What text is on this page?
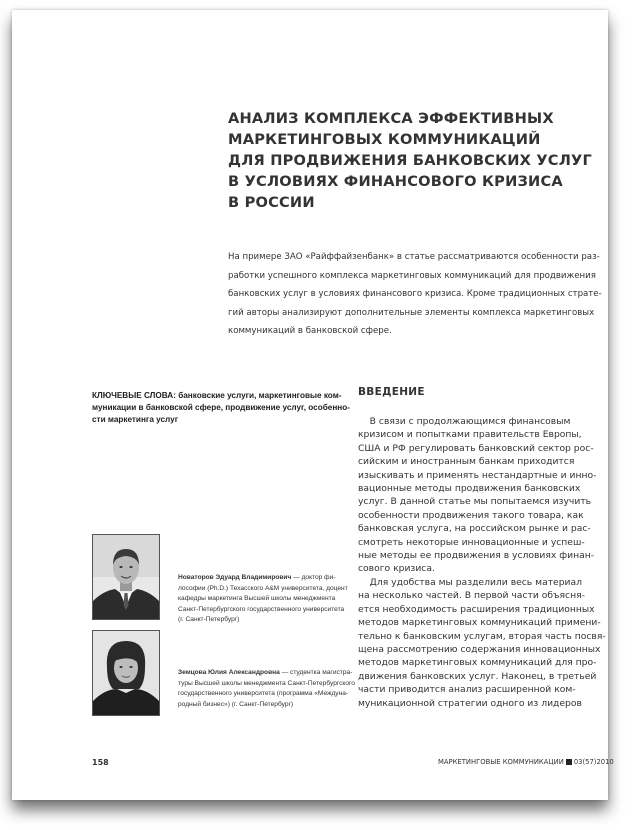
АНАЛИЗ КОМПЛЕКСА ЭФФЕКТИВНЫХ
МАРКЕТИНГОВЫХ КОММУНИКАЦИЙ
ДЛЯ ПРОДВИЖЕНИЯ БАНКОВСКИХ УСЛУГ
В УСЛОВИЯХ ФИНАНСОВОГО КРИЗИСА
В РОССИИ
На примере ЗАО «Райффайзенбанк» в статье рассматриваются особенности раз-
работки успешного комплекса маркетинговых коммуникаций для продвижения
банковских услуг в условиях финансового кризиса. Кроме традиционных страте-
гий авторы анализируют дополнительные элементы комплекса маркетинговых
коммуникаций в банковской сфере.
КЛЮЧЕВЫЕ СЛОВА: банковские услуги, маркетинговые ком-
муникации в банковской сфере, продвижение услуг, особенно-
сти маркетинга услуг
ВВЕДЕНИЕ
В связи с продолжающимся финансовым
кризисом и попытками правительств Европы,
США и РФ регулировать банковский сектор рос-
сийским и иностранным банкам приходится
изыскивать и применять нестандартные и инно-
вационные методы продвижения банковских
услуг. В данной статье мы попытаемся изучить
особенности продвижения такого товара, как
банковская услуга, на российском рынке и рас-
смотреть некоторые инновационные и успеш-
ные методы ее продвижения в условиях финан-
сового кризиса.
Для удобства мы разделили весь материал
на несколько частей. В первой части объясня-
ется необходимость расширения традиционных
методов маркетинговых коммуникаций примени-
тельно к банковским услугам, вторая часть посвя-
щена рассмотрению содержания инновационных
методов маркетинговых коммуникаций для про-
движения банковских услуг. Наконец, в третьей
части приводится анализ расширенной ком-
муникационной стратегии одного из лидеров
Новаторов Эдуард Владимирович — доктор фи-
лософии (Ph.D.) Техасского A&M университета, доцент
кафедры маркетинга Высшей школы менеджмента
Санкт-Петербургского государственного университета
(г. Санкт-Петербург)
Земцова Юлия Александровна — студентка магистра-
туры Высшей школы менеджмента Санкт-Петербургского
государственного университета (программа «Междуна-
родный бизнес») (г. Санкт-Петербург)
158	МАРКЕТИНГОВЫЕ КОММУНИКАЦИИ 03(57)2010
